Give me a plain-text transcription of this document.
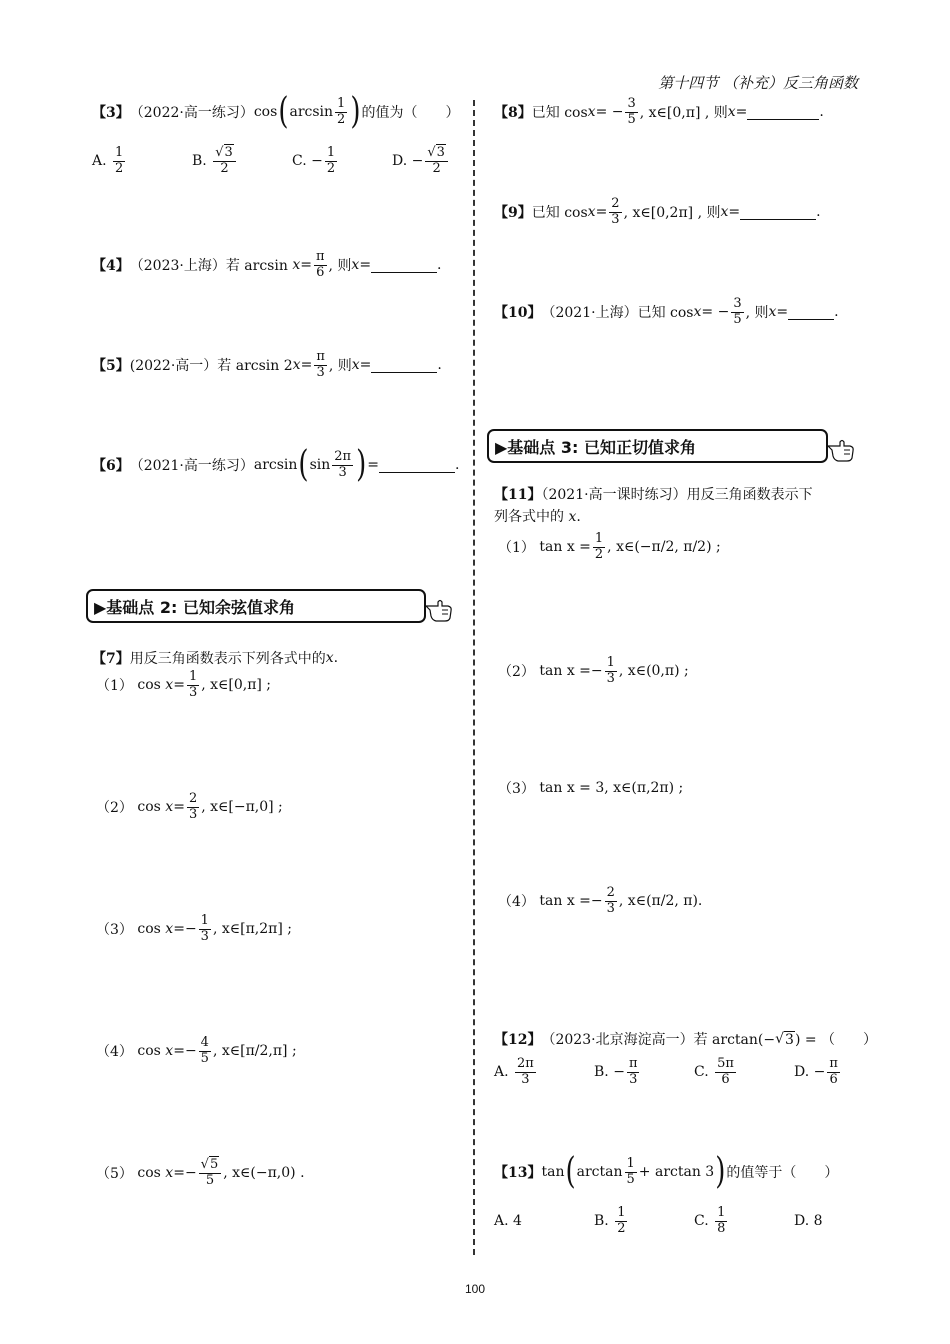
第十四节 （补充）反三角函数
【3】 （2022·高一练习） cos ( $\arcsin \frac{1}{2}$ ) 的值为（　　）
A.
$\frac{1}{2}$	B.
$\frac{√3}{2}$	C.
− $\frac{1}{2}$	D.
− $\frac{√3}{2}$
【4】 （2023·上海） 若 arcsin
$x = \frac{\pi}{6}$ , 则 x =	.
【5】 (2022·高一） 若 arcsin 2 $x = \frac{\pi}{3}$ , 则 x =	.
【6】 （2021·高一练习） arcsin ( $\sin \frac{2\pi}{3}$ ) =	.
▶基础点 2: 已知余弦值求角
【7】 用反三角函数表示下列各式中的 x .
（1）
cos
$x = \frac{1}{3}$ , x∈[0,π] ;
（2）
cos
$x = \frac{2}{3}$ , x∈[−π,0] ;
（3）
cos
x = − $\frac{1}{3}$ , x∈[π,2π] ;
（4）
cos
x = − $\frac{4}{5}$ , x∈[π/2,π] ;
（5）
cos
x = − $\frac{√5}{5}$ , x∈(−π,0) .
【8】 已知 cos x = − $\frac{3}{5}$ , x∈[0,π] , 则 x =	.
【9】 已知 $\cos x = \frac{2}{3}$ , x∈[0,2π] , 则 x =	.
【10】 （2021·上海） 已知 cos x = − $\frac{3}{5}$ , 则 x =	.
▶基础点 3: 已知正切值求角
【11】（2021·高一课时练习）用反三角函数表示下
列各式中的 x.
（1）
$\tan x = \frac{1}{2}$ , x∈(−π/2, π/2) ;
（2）
tan x = − $\frac{1}{3}$ , x∈(0,π) ;
（3）
tan x = 3 , x∈(π,2π) ;
（4）
tan x = − $\frac{2}{3}$ , x∈(π/2, π).
【12】 （2023·北京海淀高一） 若 arctan(− √ 3 ) = （　　）
A.
$\frac{2\pi}{3}$	B.
− $\frac{\pi}{3}$	C.
$\frac{5\pi}{6}$	D.
− $\frac{\pi}{6}$
【13】 tan ( $\arctan \frac{1}{5} + \arctan 3$ ) 的值等于（　　）
A. 4	B.
$\frac{1}{2}$	C.
$\frac{1}{8}$	D. 8
100
